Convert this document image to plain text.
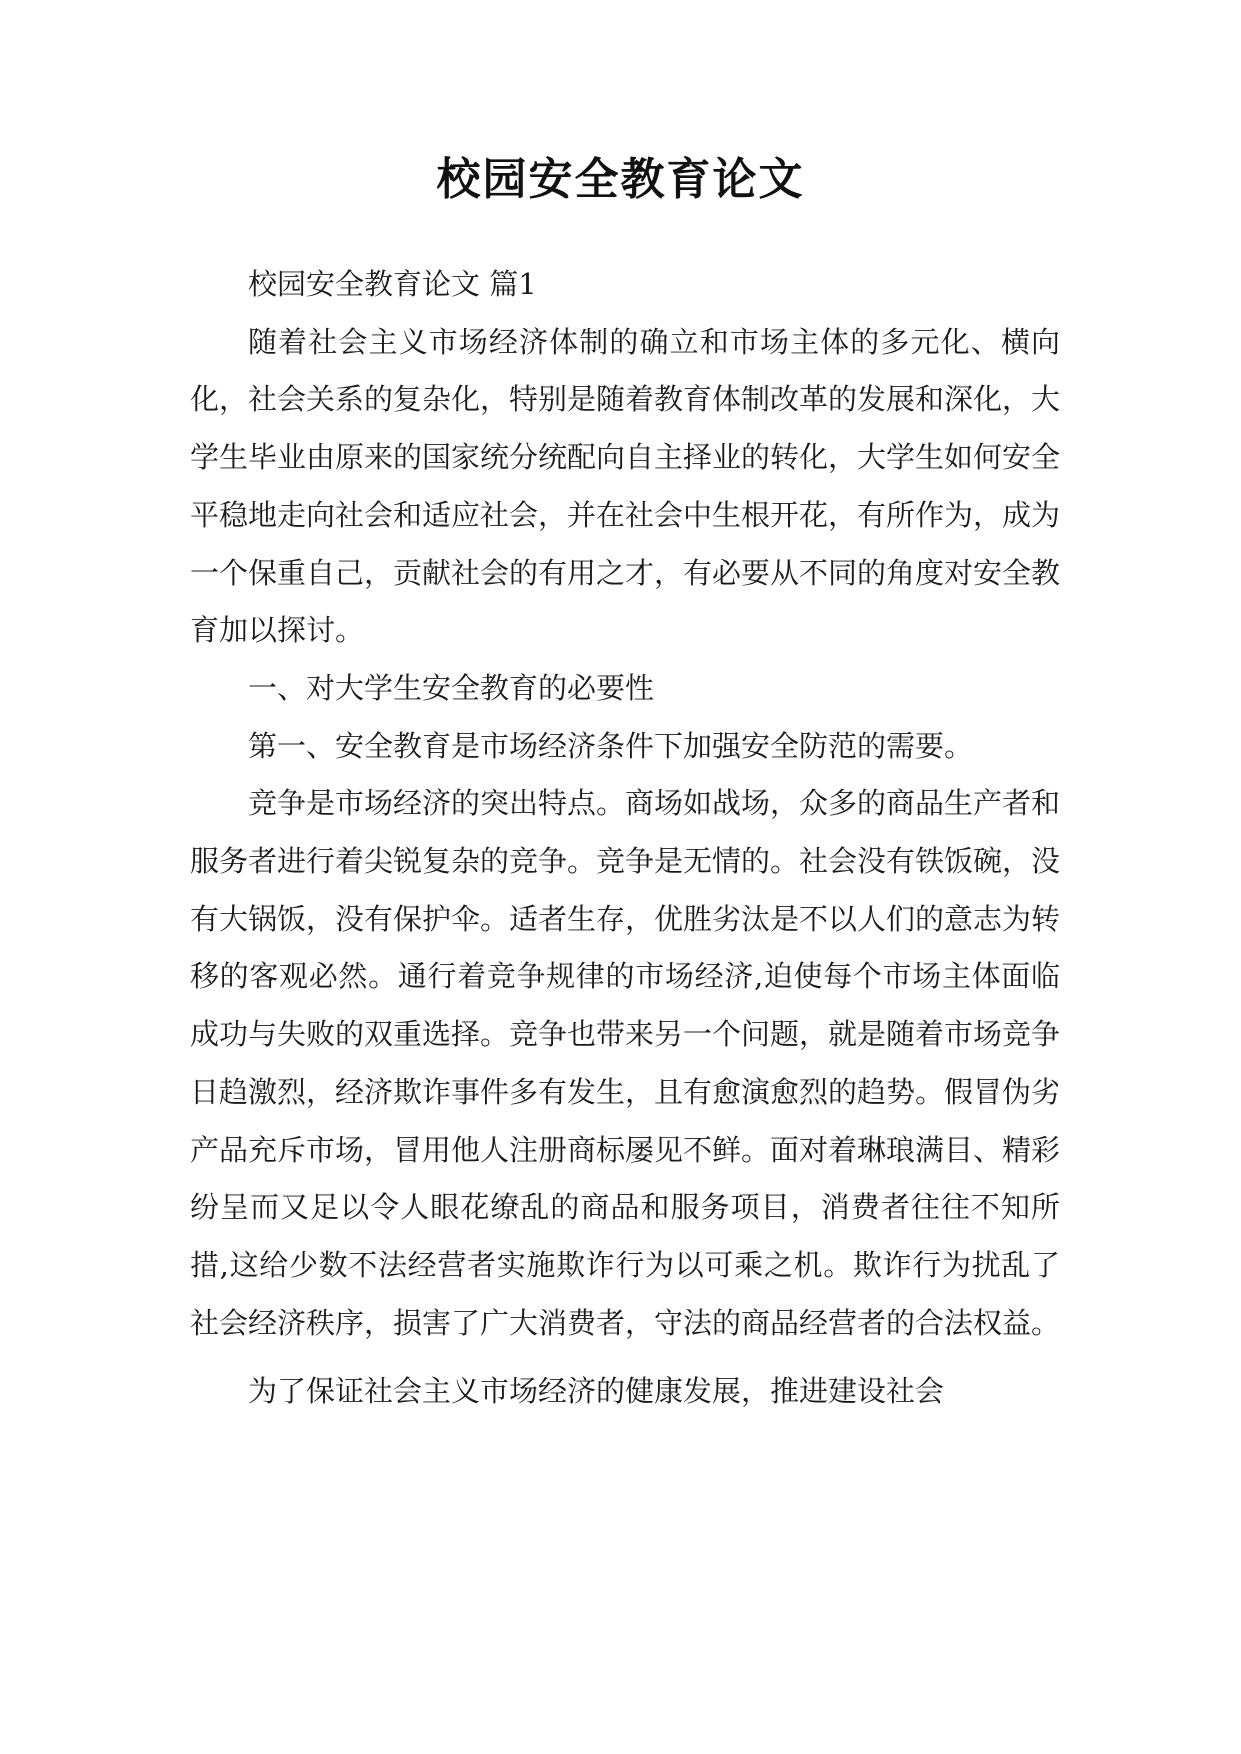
校园安全教育论文

校园安全教育论文 篇1

随着社会主义市场经济体制的确立和市场主体的多元化、横向化，社会关系的复杂化，特别是随着教育体制改革的发展和深化，大学生毕业由原来的国家统分统配向自主择业的转化，大学生如何安全平稳地走向社会和适应社会，并在社会中生根开花，有所作为，成为一个保重自己，贡献社会的有用之才，有必要从不同的角度对安全教育加以探讨。

一、对大学生安全教育的必要性

第一、安全教育是市场经济条件下加强安全防范的需要。

竞争是市场经济的突出特点。商场如战场，众多的商品生产者和服务者进行着尖锐复杂的竞争。竞争是无情的。社会没有铁饭碗，没有大锅饭，没有保护伞。适者生存，优胜劣汰是不以人们的意志为转移的客观必然。通行着竞争规律的市场经济,迫使每个市场主体面临成功与失败的双重选择。竞争也带来另一个问题，就是随着市场竞争日趋激烈，经济欺诈事件多有发生，且有愈演愈烈的趋势。假冒伪劣产品充斥市场，冒用他人注册商标屡见不鲜。面对着琳琅满目、精彩纷呈而又足以令人眼花缭乱的商品和服务项目，消费者往往不知所措,这给少数不法经营者实施欺诈行为以可乘之机。欺诈行为扰乱了社会经济秩序，损害了广大消费者，守法的商品经营者的合法权益。

为了保证社会主义市场经济的健康发展，推进建设社会
